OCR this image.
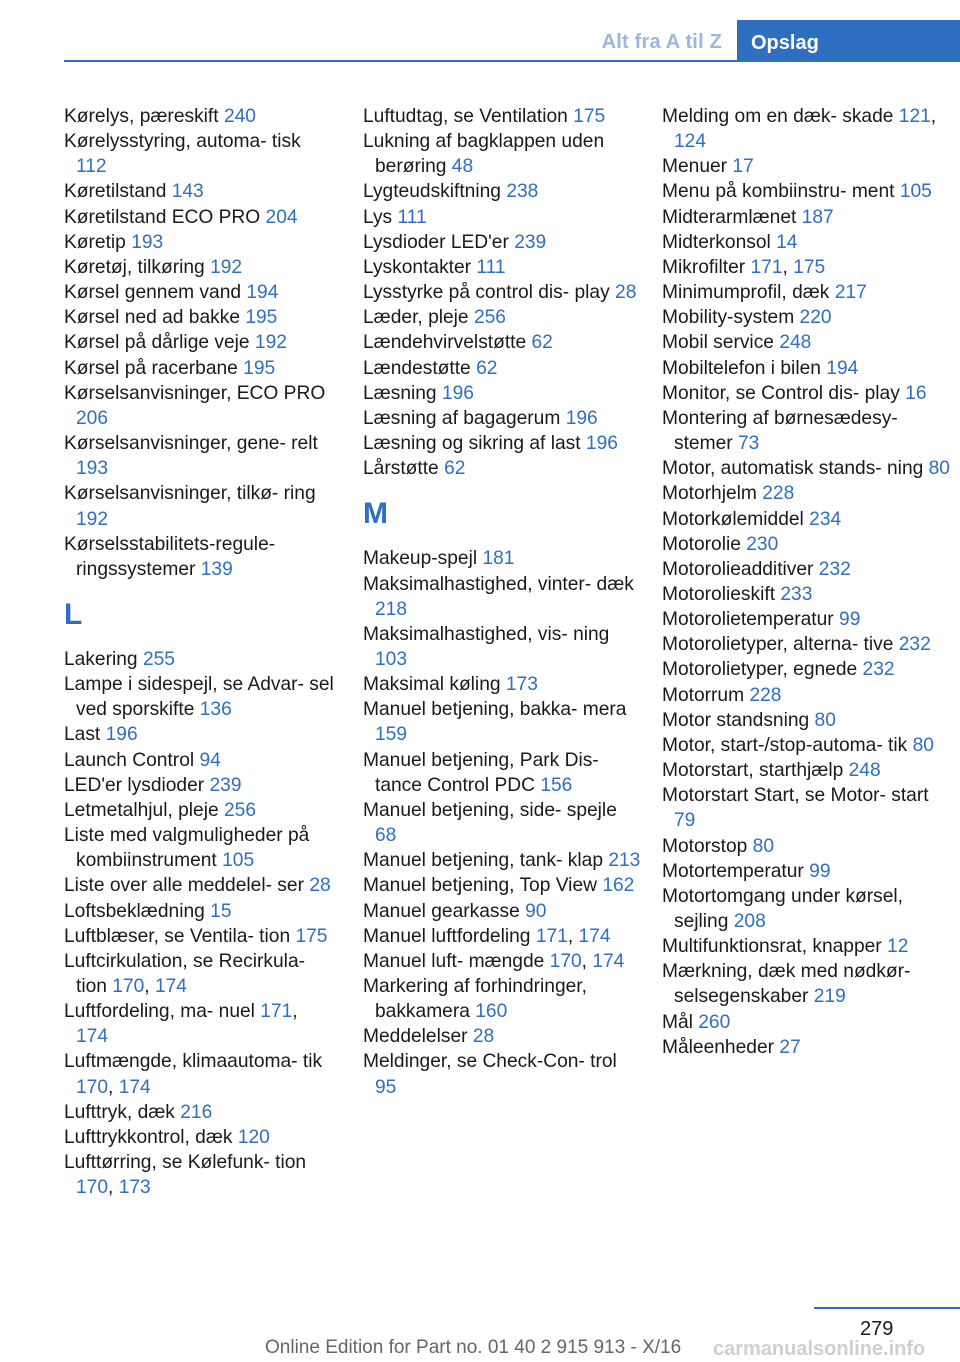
Alt fra A til Z	Opslag
Kørelys, pæreskift 240
Kørelysstyring, automa‐ tisk 112
Køretilstand 143
Køretilstand ECO PRO 204
Køretip 193
Køretøj, tilkøring 192
Kørsel gennem vand 194
Kørsel ned ad bakke 195
Kørsel på dårlige veje 192
Kørsel på racerbane 195
Kørselsanvisninger, ECO PRO 206
Kørselsanvisninger, gene‐ relt 193
Kørselsanvisninger, tilkø‐ ring 192
Kørselsstabilitets-regule‐ ringssystemer 139
L
Lakering 255
Lampe i sidespejl, se Advar‐ sel ved sporskifte 136
Last 196
Launch Control 94
LED'er lysdioder 239
Letmetalhjul, pleje 256
Liste med valgmuligheder på kombiinstrument 105
Liste over alle meddelel‐ ser 28
Loftsbeklædning 15
Luftblæser, se Ventila‐ tion 175
Luftcirkulation, se Recirkula‐ tion 170, 174
Luftfordeling, ma‐ nuel 171, 174
Luftmængde, klimaautoma‐ tik 170, 174
Lufttryk, dæk 216
Lufttrykkontrol, dæk 120
Lufttørring, se Kølefunk‐ tion 170, 173
Luftudtag, se Ventilation 175
Lukning af bagklappen uden berøring 48
Lygteudskiftning 238
Lys 111
Lysdioder LED'er 239
Lyskontakter 111
Lysstyrke på control dis‐ play 28
Læder, pleje 256
Lændehvirvelstøtte 62
Lændestøtte 62
Læsning 196
Læsning af bagagerum 196
Læsning og sikring af last 196
Lårstøtte 62
M
Makeup-spejl 181
Maksimalhastighed, vinter‐ dæk 218
Maksimalhastighed, vis‐ ning 103
Maksimal køling 173
Manuel betjening, bakka‐ mera 159
Manuel betjening, Park Dis‐ tance Control PDC 156
Manuel betjening, side‐ spejle 68
Manuel betjening, tank‐ klap 213
Manuel betjening, Top View 162
Manuel gearkasse 90
Manuel luftfordeling 171, 174
Manuel luft‐ mængde 170, 174
Markering af forhindringer, bakkamera 160
Meddelelser 28
Meldinger, se Check-Con‐ trol 95
Melding om en dæk‐ skade 121, 124
Menuer 17
Menu på kombiinstru‐ ment 105
Midterarmlænet 187
Midterkonsol 14
Mikrofilter 171, 175
Minimumprofil, dæk 217
Mobility-system 220
Mobil service 248
Mobiltelefon i bilen 194
Monitor, se Control dis‐ play 16
Montering af børnesædesy‐ stemer 73
Motor, automatisk stands‐ ning 80
Motorhjelm 228
Motorkølemiddel 234
Motorolie 230
Motorolieadditiver 232
Motorolieskift 233
Motorolietemperatur 99
Motorolietyper, alterna‐ tive 232
Motorolietyper, egnede 232
Motorrum 228
Motor standsning 80
Motor, start-/stop-automa‐ tik 80
Motorstart, starthjælp 248
Motorstart Start, se Motor‐ start 79
Motorstop 80
Motortemperatur 99
Motortomgang under kørsel, sejling 208
Multifunktionsrat, knapper 12
Mærkning, dæk med nødkør‐ selsegenskaber 219
Mål 260
Måleenheder 27
279
Online Edition for Part no. 01 40 2 915 913 - X/16 carmanualsonline.info
